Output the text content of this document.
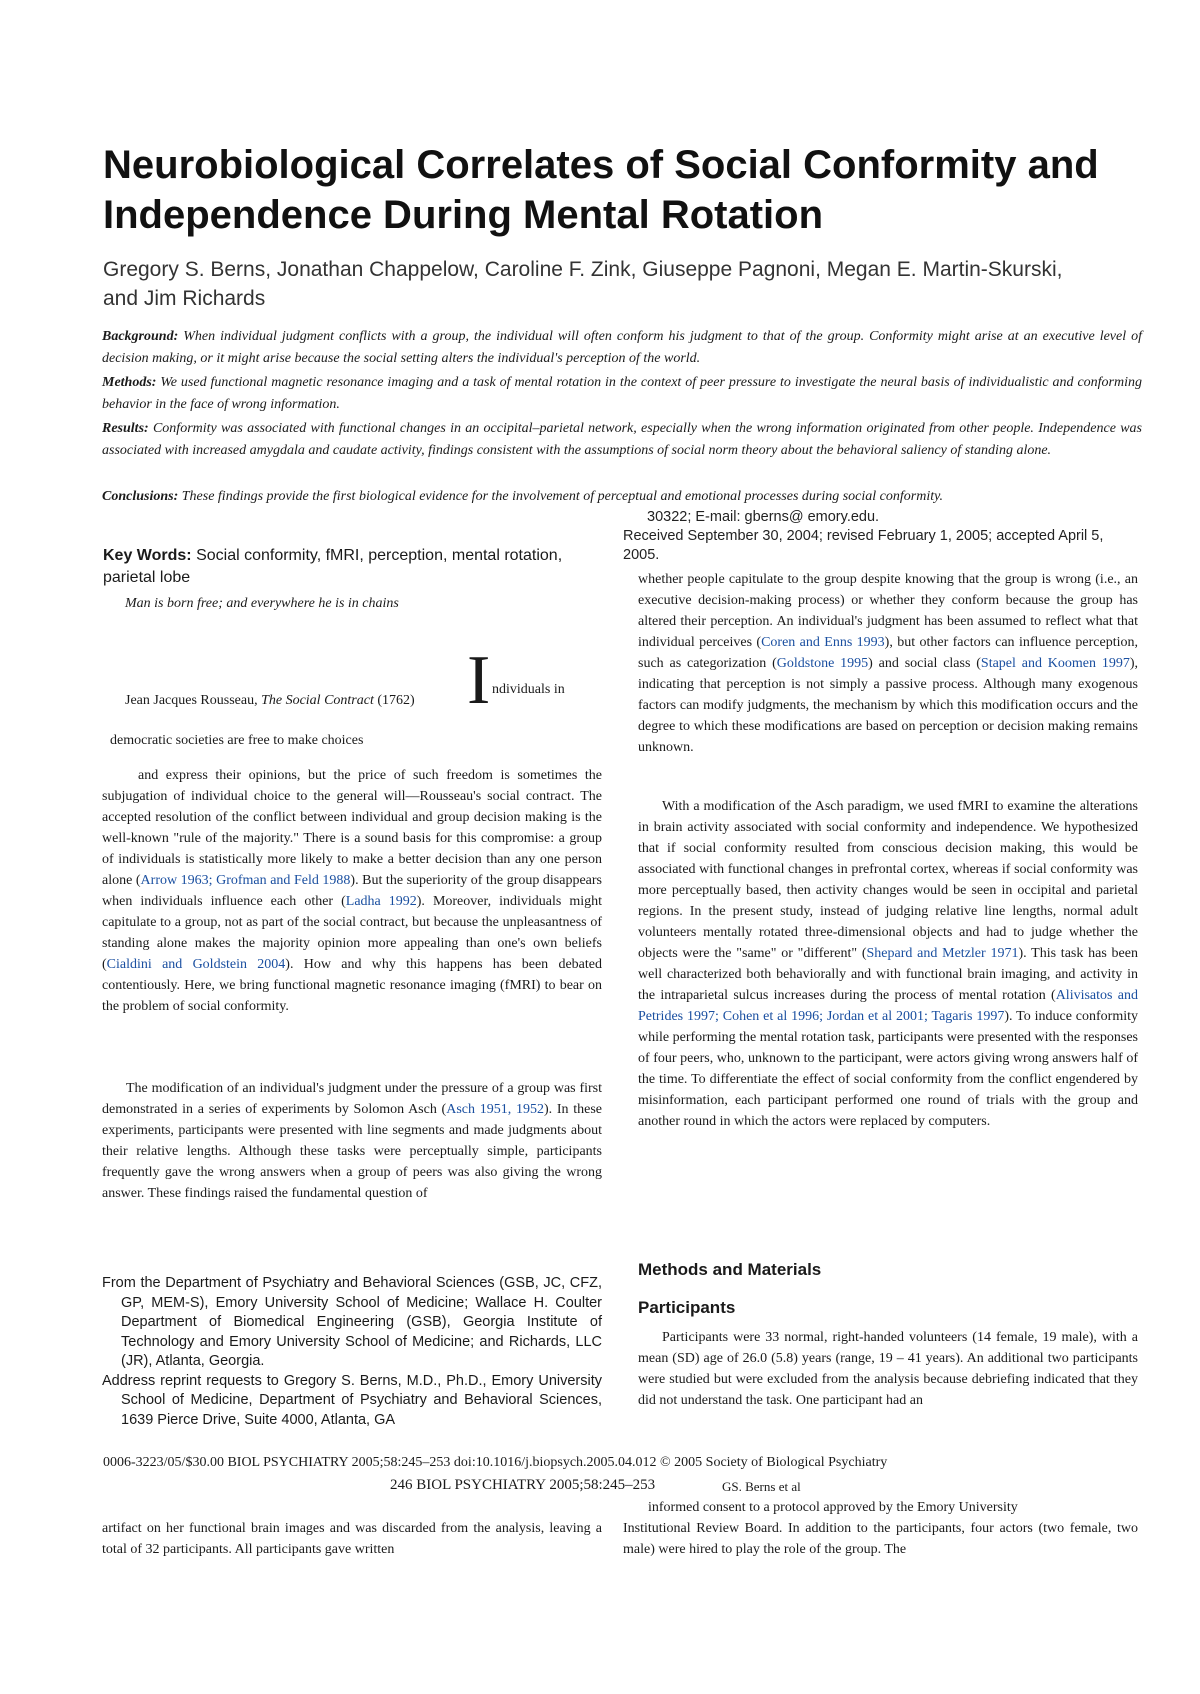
Neurobiological Correlates of Social Conformity and Independence During Mental Rotation
Gregory S. Berns, Jonathan Chappelow, Caroline F. Zink, Giuseppe Pagnoni, Megan E. Martin-Skurski, and Jim Richards
Background: When individual judgment conflicts with a group, the individual will often conform his judgment to that of the group. Conformity might arise at an executive level of decision making, or it might arise because the social setting alters the individual's perception of the world.
Methods: We used functional magnetic resonance imaging and a task of mental rotation in the context of peer pressure to investigate the neural basis of individualistic and conforming behavior in the face of wrong information.
Results: Conformity was associated with functional changes in an occipital–parietal network, especially when the wrong information originated from other people. Independence was associated with increased amygdala and caudate activity, findings consistent with the assumptions of social norm theory about the behavioral saliency of standing alone.
Conclusions: These findings provide the first biological evidence for the involvement of perceptual and emotional processes during social conformity.
30322; E-mail: gberns@ emory.edu.
Received September 30, 2004; revised February 1, 2005; accepted April 5, 2005.
Key Words: Social conformity, fMRI, perception, mental rotation, parietal lobe
Man is born free; and everywhere he is in chains
Jean Jacques Rousseau, The Social Contract (1762) I ndividuals in
democratic societies are free to make choices
and express their opinions, but the price of such freedom is sometimes the subjugation of individual choice to the general will—Rousseau's social contract. The accepted resolution of the conflict between individual and group decision making is the well-known "rule of the majority." There is a sound basis for this compromise: a group of individuals is statistically more likely to make a better decision than any one person alone (Arrow 1963; Grofman and Feld 1988). But the superiority of the group disappears when individuals influence each other (Ladha 1992). Moreover, individuals might capitulate to a group, not as part of the social contract, but because the unpleasantness of standing alone makes the majority opinion more appealing than one's own beliefs (Cialdini and Goldstein 2004). How and why this happens has been debated contentiously. Here, we bring functional magnetic resonance imaging (fMRI) to bear on the problem of social conformity.
The modification of an individual's judgment under the pressure of a group was first demonstrated in a series of experiments by Solomon Asch (Asch 1951, 1952). In these experiments, participants were presented with line segments and made judgments about their relative lengths. Although these tasks were perceptually simple, participants frequently gave the wrong answers when a group of peers was also giving the wrong answer. These findings raised the fundamental question of
whether people capitulate to the group despite knowing that the group is wrong (i.e., an executive decision-making process) or whether they conform because the group has altered their perception. An individual's judgment has been assumed to reflect what that individual perceives (Coren and Enns 1993), but other factors can influence perception, such as categorization (Goldstone 1995) and social class (Stapel and Koomen 1997), indicating that perception is not simply a passive process. Although many exogenous factors can modify judgments, the mechanism by which this modification occurs and the degree to which these modifications are based on perception or decision making remains unknown.
With a modification of the Asch paradigm, we used fMRI to examine the alterations in brain activity associated with social conformity and independence. We hypothesized that if social conformity resulted from conscious decision making, this would be associated with functional changes in prefrontal cortex, whereas if social conformity was more perceptually based, then activity changes would be seen in occipital and parietal regions. In the present study, instead of judging relative line lengths, normal adult volunteers mentally rotated three-dimensional objects and had to judge whether the objects were the "same" or "different" (Shepard and Metzler 1971). This task has been well characterized both behaviorally and with functional brain imaging, and activity in the intraparietal sulcus increases during the process of mental rotation (Alivisatos and Petrides 1997; Cohen et al 1996; Jordan et al 2001; Tagaris 1997). To induce conformity while performing the mental rotation task, participants were presented with the responses of four peers, who, unknown to the participant, were actors giving wrong answers half of the time. To differentiate the effect of social conformity from the conflict engendered by misinformation, each participant performed one round of trials with the group and another round in which the actors were replaced by computers.
Methods and Materials
Participants
Participants were 33 normal, right-handed volunteers (14 female, 19 male), with a mean (SD) age of 26.0 (5.8) years (range, 19 – 41 years). An additional two participants were studied but were excluded from the analysis because debriefing indicated that they did not understand the task. One participant had an

From the Department of Psychiatry and Behavioral Sciences (GSB, JC, CFZ, GP, MEM-S), Emory University School of Medicine; Wallace H. Coulter Department of Biomedical Engineering (GSB), Georgia Institute of Technology and Emory University School of Medicine; and Richards, LLC (JR), Atlanta, Georgia.

Address reprint requests to Gregory S. Berns, M.D., Ph.D., Emory University School of Medicine, Department of Psychiatry and Behavioral Sciences, 1639 Pierce Drive, Suite 4000, Atlanta, GA

0006-3223/05/$30.00 BIOL PSYCHIATRY 2005;58:245–253 doi:10.1016/j.biopsych.2005.04.012 © 2005 Society of Biological Psychiatry
246 BIOL PSYCHIATRY 2005;58:245–253	GS. Berns et al
artifact on her functional brain images and was discarded from the analysis, leaving a total of 32 participants. All participants gave written
informed consent to a protocol approved by the Emory University
Institutional Review Board. In addition to the participants, four actors (two female, two male) were hired to play the role of the group. The
